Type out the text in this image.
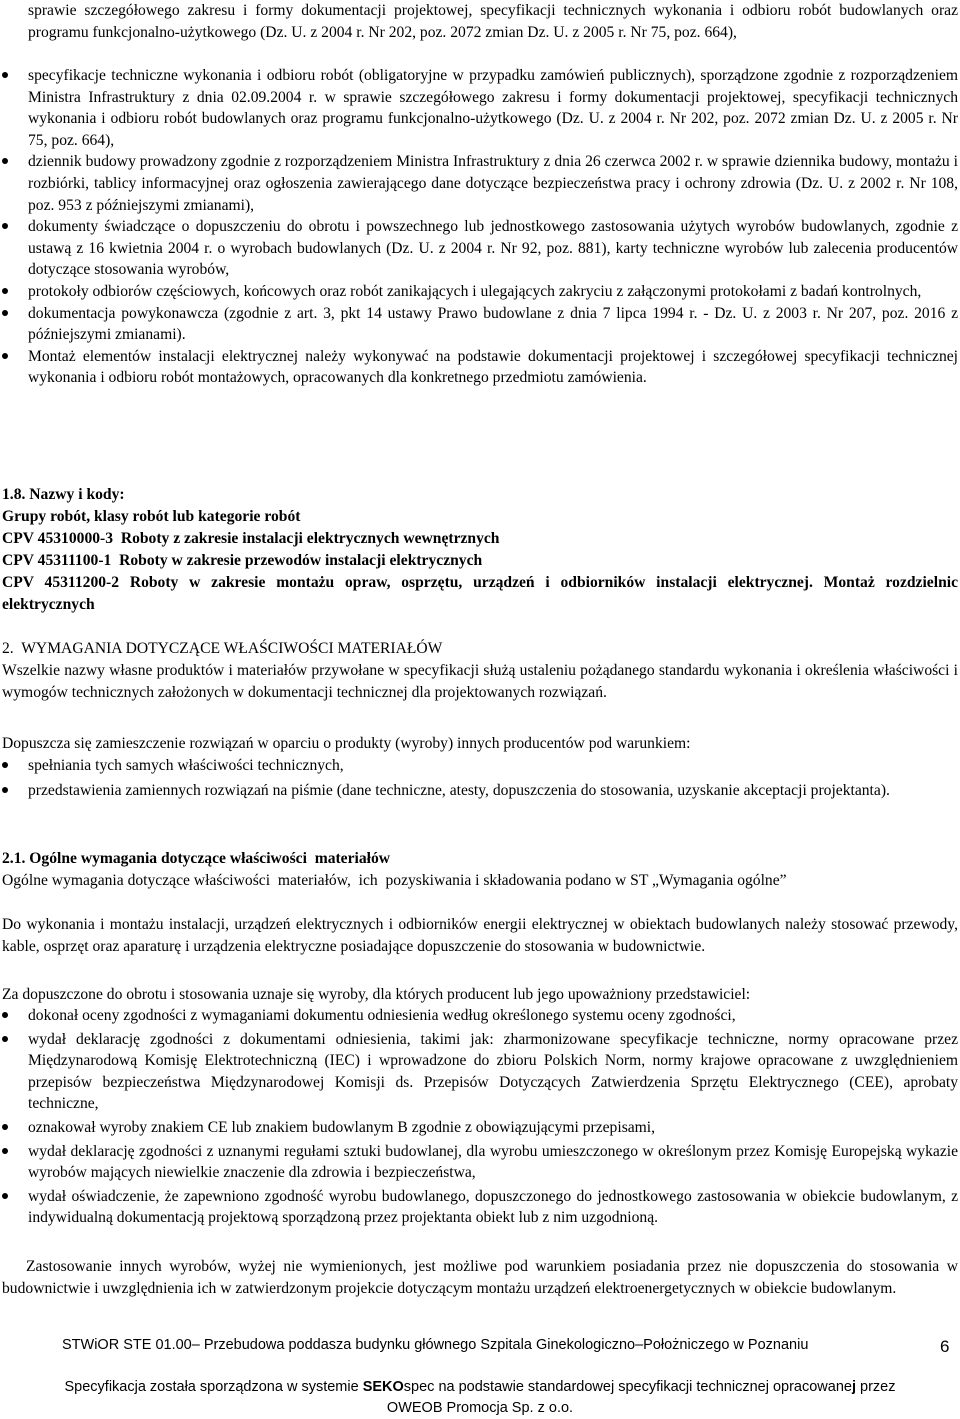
sprawie szczegółowego zakresu i formy dokumentacji projektowej, specyfikacji technicznych wykonania i odbioru robót budowlanych oraz programu funkcjonalno-użytkowego (Dz. U. z 2004 r. Nr 202, poz. 2072 zmian Dz. U. z 2005 r. Nr 75, poz. 664),

specyfikacje techniczne wykonania i odbioru robót (obligatoryjne w przypadku zamówień publicznych), sporządzone zgodnie z rozporządzeniem Ministra Infrastruktury z dnia 02.09.2004 r. w sprawie szczegółowego zakresu i formy dokumentacji projektowej, specyfikacji technicznych wykonania i odbioru robót budowlanych oraz programu funkcjonalno-użytkowego (Dz. U. z 2004 r. Nr 202, poz. 2072 zmian Dz. U. z 2005 r. Nr 75, poz. 664),
dziennik budowy prowadzony zgodnie z rozporządzeniem Ministra Infrastruktury z dnia 26 czerwca 2002 r. w sprawie dziennika budowy, montażu i rozbiórki, tablicy informacyjnej oraz ogłoszenia zawierającego dane dotyczące bezpieczeństwa pracy i ochrony zdrowia (Dz. U. z 2002 r. Nr 108, poz. 953 z późniejszymi zmianami),
dokumenty świadczące o dopuszczeniu do obrotu i powszechnego lub jednostkowego zastosowania użytych wyrobów budowlanych, zgodnie z ustawą z 16 kwietnia 2004 r. o wyrobach budowlanych (Dz. U. z 2004 r. Nr 92, poz. 881), karty techniczne wyrobów lub zalecenia producentów dotyczące stosowania wyrobów,
protokoły odbiorów częściowych, końcowych oraz robót zanikających i ulegających zakryciu z załączonymi protokołami z badań kontrolnych,
dokumentacja powykonawcza (zgodnie z art. 3, pkt 14 ustawy Prawo budowlane z dnia 7 lipca 1994 r. - Dz. U. z 2003 r. Nr 207, poz. 2016 z późniejszymi zmianami).
Montaż elementów instalacji elektrycznej należy wykonywać na podstawie dokumentacji projektowej i szczegółowej specyfikacji technicznej wykonania i odbioru robót montażowych, opracowanych dla konkretnego przedmiotu zamówienia.

1.8. Nazwy i kody:

Grupy robót, klasy robót lub kategorie robót

CPV 45310000-3  Roboty z zakresie instalacji elektrycznych wewnętrznych

CPV 45311100-1  Roboty w zakresie przewodów instalacji elektrycznych

CPV 45311200-2 Roboty w zakresie montażu opraw, osprzętu, urządzeń i odbiorników instalacji elektrycznej. Montaż rozdzielnic elektrycznych

2.  WYMAGANIA DOTYCZĄCE WŁAŚCIWOŚCI MATERIAŁÓW

Wszelkie nazwy własne produktów i materiałów przywołane w specyfikacji służą ustaleniu pożądanego standardu wykonania i określenia właściwości i wymogów technicznych założonych w dokumentacji technicznej dla projektowanych rozwiązań.

Dopuszcza się zamieszczenie rozwiązań w oparciu o produkty (wyroby) innych producentów pod warunkiem:

spełniania tych samych właściwości technicznych,
przedstawienia zamiennych rozwiązań na piśmie (dane techniczne, atesty, dopuszczenia do stosowania, uzyskanie akceptacji projektanta).

2.1. Ogólne wymagania dotyczące właściwości  materiałów

Ogólne wymagania dotyczące właściwości  materiałów,  ich  pozyskiwania i składowania podano w ST „Wymagania ogólne”

Do wykonania i montażu instalacji, urządzeń elektrycznych i odbiorników energii elektrycznej w obiektach budowlanych należy stosować przewody, kable, osprzęt oraz aparaturę i urządzenia elektryczne posiadające dopuszczenie do stosowania w budownictwie.

Za dopuszczone do obrotu i stosowania uznaje się wyroby, dla których producent lub jego upoważniony przedstawiciel:

dokonał oceny zgodności z wymaganiami dokumentu odniesienia według określonego systemu oceny zgodności,
wydał deklarację zgodności z dokumentami odniesienia, takimi jak: zharmonizowane specyfikacje techniczne, normy opracowane przez Międzynarodową Komisję Elektrotechniczną (IEC) i wprowadzone do zbioru Polskich Norm, normy krajowe opracowane z uwzględnieniem przepisów bezpieczeństwa Międzynarodowej Komisji ds. Przepisów Dotyczących Zatwierdzenia Sprzętu Elektrycznego (CEE), aprobaty techniczne,
oznakował wyroby znakiem CE lub znakiem budowlanym B zgodnie z obowiązującymi przepisami,
wydał deklarację zgodności z uznanymi regułami sztuki budowlanej, dla wyrobu umieszczonego w określonym przez Komisję Europejską wykazie wyrobów mających niewielkie znaczenie dla zdrowia i bezpieczeństwa,
wydał oświadczenie, że zapewniono zgodność wyrobu budowlanego, dopuszczonego do jednostkowego zastosowania w obiekcie budowlanym, z indywidualną dokumentacją projektową sporządzoną przez projektanta obiekt lub z nim uzgodnioną.

Zastosowanie innych wyrobów, wyżej nie wymienionych, jest możliwe pod warunkiem posiadania przez nie dopuszczenia do stosowania w budownictwie i uwzględnienia ich w zatwierdzonym projekcie dotyczącym montażu urządzeń elektroenergetycznych w obiekcie budowlanym.

STWiOR STE 01.00– Przebudowa poddasza budynku głównego Szpitala Ginekologiczno–Położniczego w Poznaniu	6
Specyfikacja została sporządzona w systemie SEKOspec na podstawie standardowej specyfikacji technicznej opracowanej przez
OWEOB Promocja Sp. z o.o.
